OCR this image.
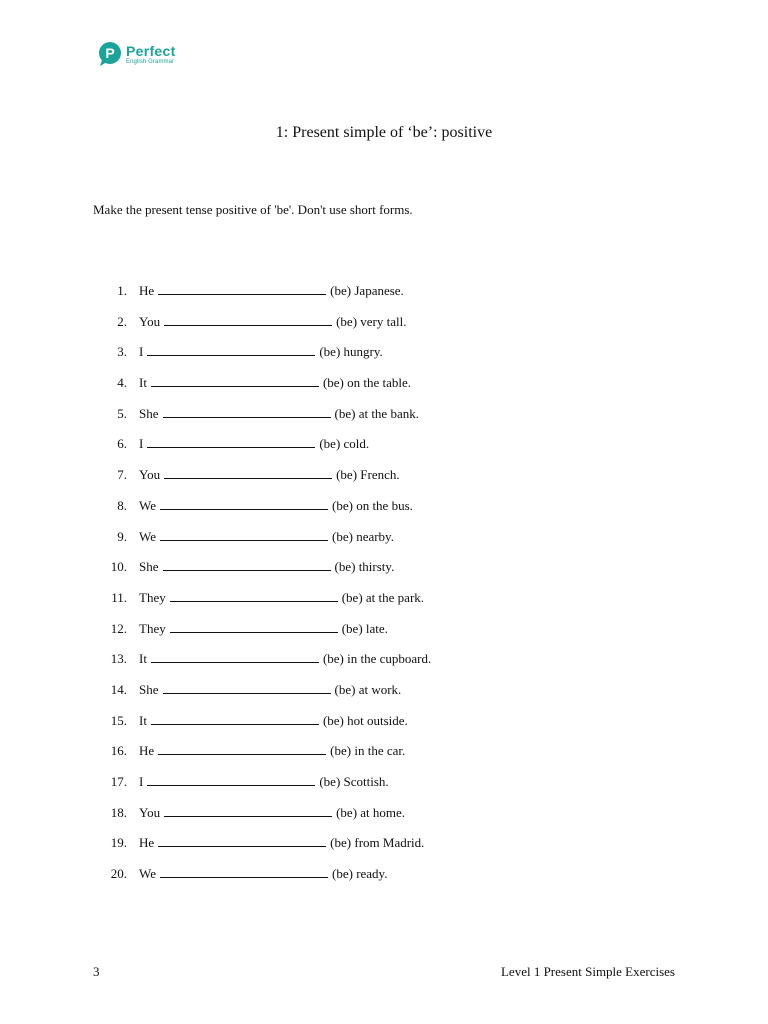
P Perfect
English Grammar
1: Present simple of ‘be’: positive

Make the present tense positive of 'be'. Don't use short forms.

1. He	(be) Japanese.
2. You	(be) very tall.
3. I	(be) hungry.
4. It	(be) on the table.
5. She	(be) at the bank.
6. I	(be) cold.
7. You	(be) French.
8. We	(be) on the bus.
9. We	(be) nearby.
10. She	(be) thirsty.
11. They	(be) at the park.
12. They	(be) late.
13. It	(be) in the cupboard.
14. She	(be) at work.
15. It	(be) hot outside.
16. He	(be) in the car.
17. I	(be) Scottish.
18. You	(be) at home.
19. He	(be) from Madrid.
20. We	(be) ready.
3	Level 1 Present Simple Exercises
